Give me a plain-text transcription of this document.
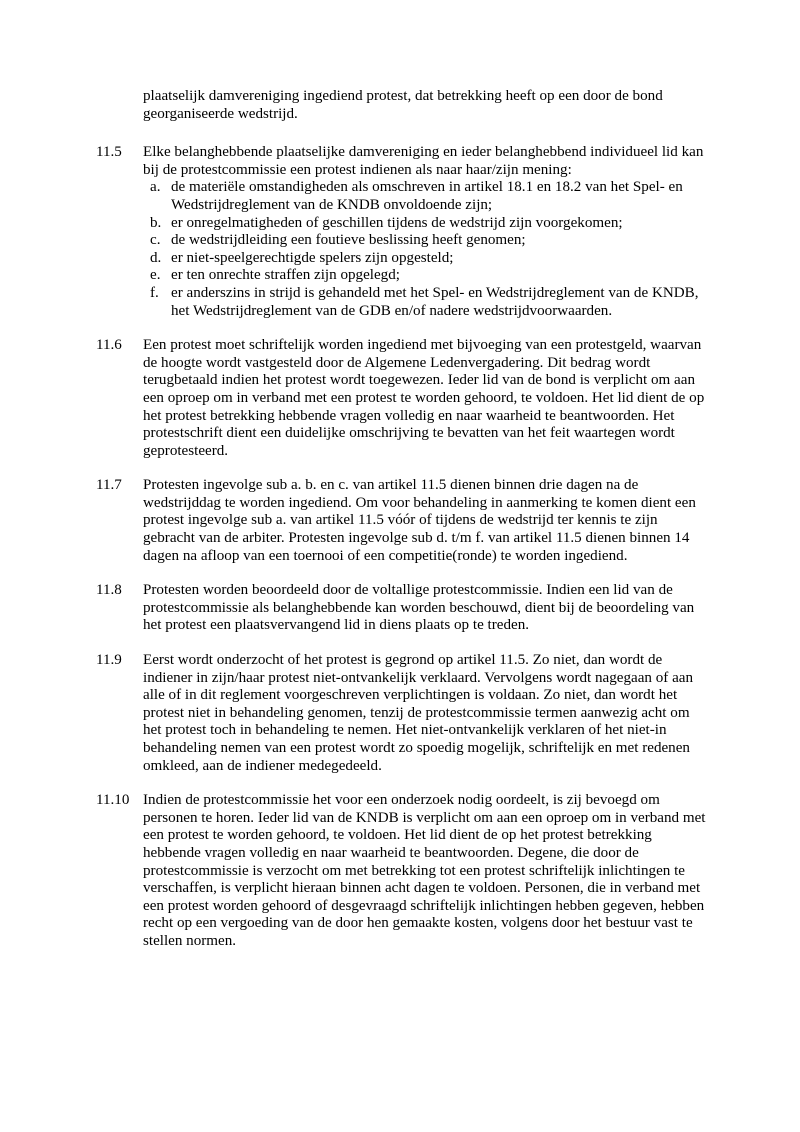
plaatselijk damvereniging ingediend protest, dat betrekking heeft op een door de bond georganiseerde wedstrijd.
11.5	Elke belanghebbende plaatselijke damvereniging en ieder belanghebbend individueel lid kan bij de protestcommissie een protest indienen als naar haar/zijn mening:
a. de materiële omstandigheden als omschreven in artikel 18.1 en 18.2 van het Spel- en Wedstrijdreglement van de KNDB onvoldoende zijn;
b. er onregelmatigheden of geschillen tijdens de wedstrijd zijn voorgekomen;
c. de wedstrijdleiding een foutieve beslissing heeft genomen;
d. er niet-speelgerechtigde spelers zijn opgesteld;
e. er ten onrechte straffen zijn opgelegd;
f. er anderszins in strijd is gehandeld met het Spel- en Wedstrijdreglement van de KNDB, het Wedstrijdreglement van de GDB en/of nadere wedstrijdvoorwaarden.
11.6	Een protest moet schriftelijk worden ingediend met bijvoeging van een protestgeld, waarvan de hoogte wordt vastgesteld door de Algemene Ledenvergadering. Dit bedrag wordt terugbetaald indien het protest wordt toegewezen. Ieder lid van de bond is verplicht om aan een oproep om in verband met een protest te worden gehoord, te voldoen. Het lid dient de op het protest betrekking hebbende vragen volledig en naar waarheid te beantwoorden. Het protestschrift dient een duidelijke omschrijving te bevatten van het feit waartegen wordt geprotesteerd.
11.7	Protesten ingevolge sub a. b. en c. van artikel 11.5 dienen binnen drie dagen na de wedstrijddag te worden ingediend. Om voor behandeling in aanmerking te komen dient een protest ingevolge sub a. van artikel 11.5 vóór of tijdens de wedstrijd ter kennis te zijn gebracht van de arbiter. Protesten ingevolge sub d. t/m f. van artikel 11.5 dienen binnen 14 dagen na afloop van een toernooi of een competitie(ronde) te worden ingediend.
11.8	Protesten worden beoordeeld door de voltallige protestcommissie. Indien een lid van de protestcommissie als belanghebbende kan worden beschouwd, dient bij de beoordeling van het protest een plaatsvervangend lid in diens plaats op te treden.
11.9	Eerst wordt onderzocht of het protest is gegrond op artikel 11.5. Zo niet, dan wordt de indiener in zijn/haar protest niet-ontvankelijk verklaard. Vervolgens wordt nagegaan of aan alle of in dit reglement voorgeschreven verplichtingen is voldaan. Zo niet, dan wordt het protest niet in behandeling genomen, tenzij de protestcommissie termen aanwezig acht om het protest toch in behandeling te nemen. Het niet-ontvankelijk verklaren of het niet-in behandeling nemen van een protest wordt zo spoedig mogelijk, schriftelijk en met redenen omkleed, aan de indiener medegedeeld.
11.10 Indien de protestcommissie het voor een onderzoek nodig oordeelt, is zij bevoegd om personen te horen. Ieder lid van de KNDB is verplicht om aan een oproep om in verband met een protest te worden gehoord, te voldoen. Het lid dient de op het protest betrekking hebbende vragen volledig en naar waarheid te beantwoorden. Degene, die door de protestcommissie is verzocht om met betrekking tot een protest schriftelijk inlichtingen te verschaffen, is verplicht hieraan binnen acht dagen te voldoen. Personen, die in verband met een protest worden gehoord of desgevraagd schriftelijk inlichtingen hebben gegeven, hebben recht op een vergoeding van de door hen gemaakte kosten, volgens door het bestuur vast te stellen normen.
